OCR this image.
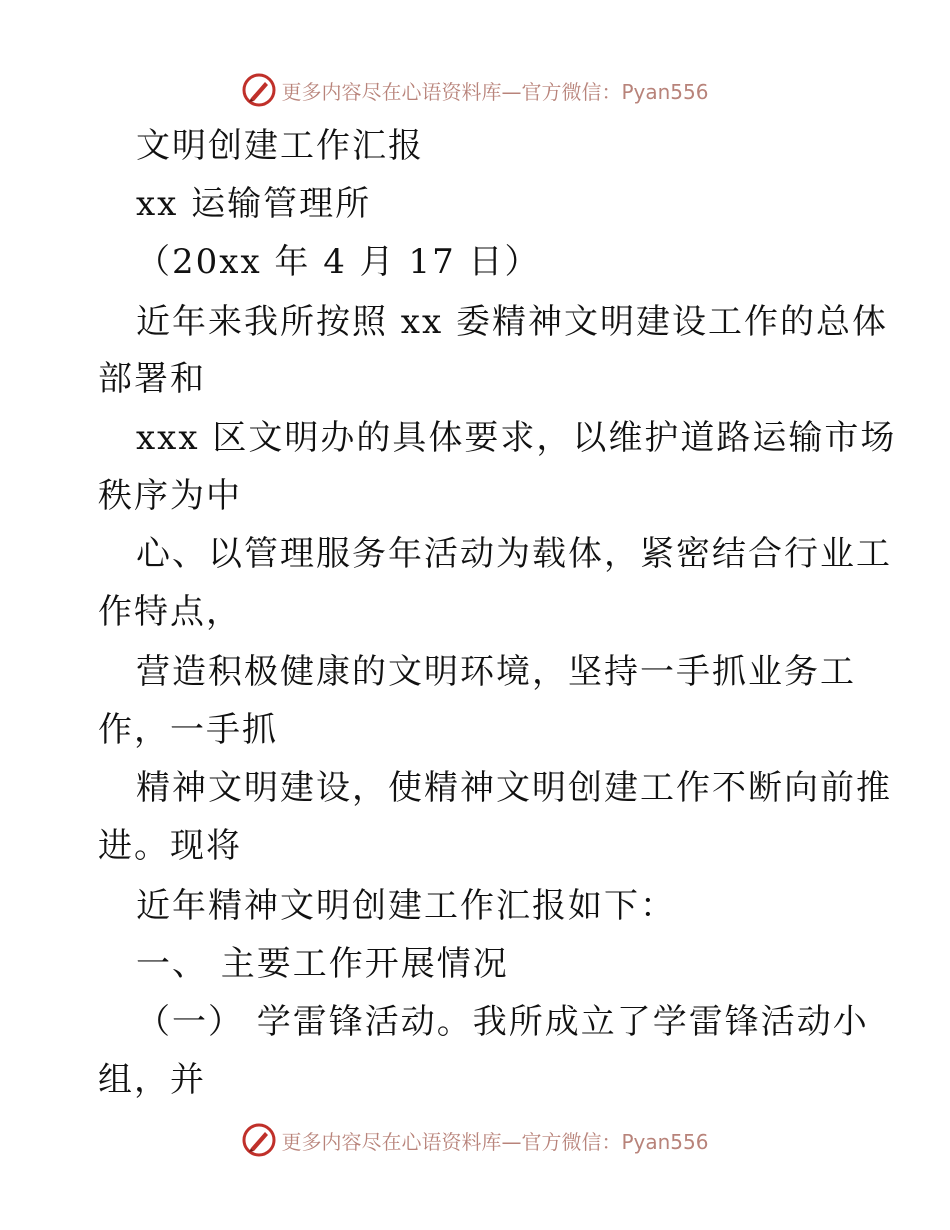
更多内容尽在心语资料库—官方微信：Pyan556
文明创建工作汇报
xx 运输管理所
（20xx 年 4 月 17 日）
近年来我所按照 xx 委精神文明建设工作的总体
部署和
xxx 区文明办的具体要求，以维护道路运输市场
秩序为中
心、以管理服务年活动为载体，紧密结合行业工
作特点，
营造积极健康的文明环境，坚持一手抓业务工
作，一手抓
精神文明建设，使精神文明创建工作不断向前推
进。现将
近年精神文明创建工作汇报如下：
一、 主要工作开展情况
（一） 学雷锋活动。我所成立了学雷锋活动小
组，并
更多内容尽在心语资料库—官方微信：Pyan556
